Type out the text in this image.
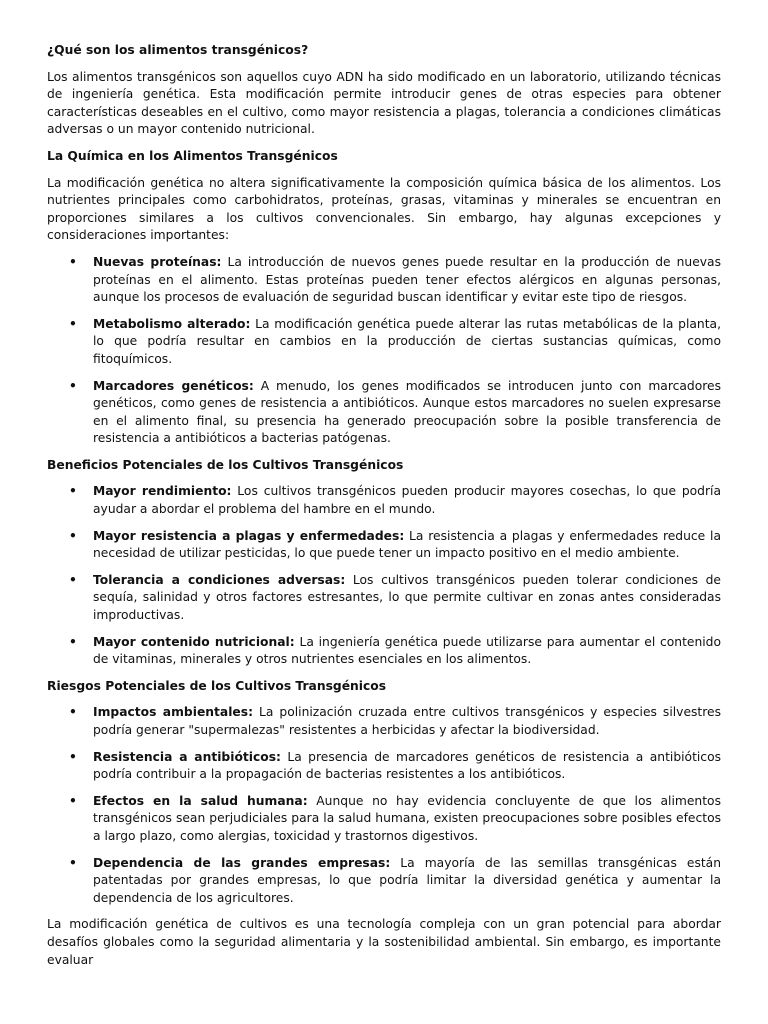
¿Qué son los alimentos transgénicos?
Los alimentos transgénicos son aquellos cuyo ADN ha sido modificado en un laboratorio, utilizando técnicas de ingeniería genética. Esta modificación permite introducir genes de otras especies para obtener características deseables en el cultivo, como mayor resistencia a plagas, tolerancia a condiciones climáticas adversas o un mayor contenido nutricional.
La Química en los Alimentos Transgénicos
La modificación genética no altera significativamente la composición química básica de los alimentos. Los nutrientes principales como carbohidratos, proteínas, grasas, vitaminas y minerales se encuentran en proporciones similares a los cultivos convencionales. Sin embargo, hay algunas excepciones y consideraciones importantes:
• Nuevas proteínas: La introducción de nuevos genes puede resultar en la producción de nuevas proteínas en el alimento. Estas proteínas pueden tener efectos alérgicos en algunas personas, aunque los procesos de evaluación de seguridad buscan identificar y evitar este tipo de riesgos.
• Metabolismo alterado: La modificación genética puede alterar las rutas metabólicas de la planta, lo que podría resultar en cambios en la producción de ciertas sustancias químicas, como fitoquímicos.
• Marcadores genéticos: A menudo, los genes modificados se introducen junto con marcadores genéticos, como genes de resistencia a antibióticos. Aunque estos marcadores no suelen expresarse en el alimento final, su presencia ha generado preocupación sobre la posible transferencia de resistencia a antibióticos a bacterias patógenas.
Beneficios Potenciales de los Cultivos Transgénicos
• Mayor rendimiento: Los cultivos transgénicos pueden producir mayores cosechas, lo que podría ayudar a abordar el problema del hambre en el mundo.
• Mayor resistencia a plagas y enfermedades: La resistencia a plagas y enfermedades reduce la necesidad de utilizar pesticidas, lo que puede tener un impacto positivo en el medio ambiente.
• Tolerancia a condiciones adversas: Los cultivos transgénicos pueden tolerar condiciones de sequía, salinidad y otros factores estresantes, lo que permite cultivar en zonas antes consideradas improductivas.
• Mayor contenido nutricional: La ingeniería genética puede utilizarse para aumentar el contenido de vitaminas, minerales y otros nutrientes esenciales en los alimentos.
Riesgos Potenciales de los Cultivos Transgénicos
• Impactos ambientales: La polinización cruzada entre cultivos transgénicos y especies silvestres podría generar "supermalezas" resistentes a herbicidas y afectar la biodiversidad.
• Resistencia a antibióticos: La presencia de marcadores genéticos de resistencia a antibióticos podría contribuir a la propagación de bacterias resistentes a los antibióticos.
• Efectos en la salud humana: Aunque no hay evidencia concluyente de que los alimentos transgénicos sean perjudiciales para la salud humana, existen preocupaciones sobre posibles efectos a largo plazo, como alergias, toxicidad y trastornos digestivos.
• Dependencia de las grandes empresas: La mayoría de las semillas transgénicas están patentadas por grandes empresas, lo que podría limitar la diversidad genética y aumentar la dependencia de los agricultores.
La modificación genética de cultivos es una tecnología compleja con un gran potencial para abordar desafíos globales como la seguridad alimentaria y la sostenibilidad ambiental. Sin embargo, es importante evaluar
